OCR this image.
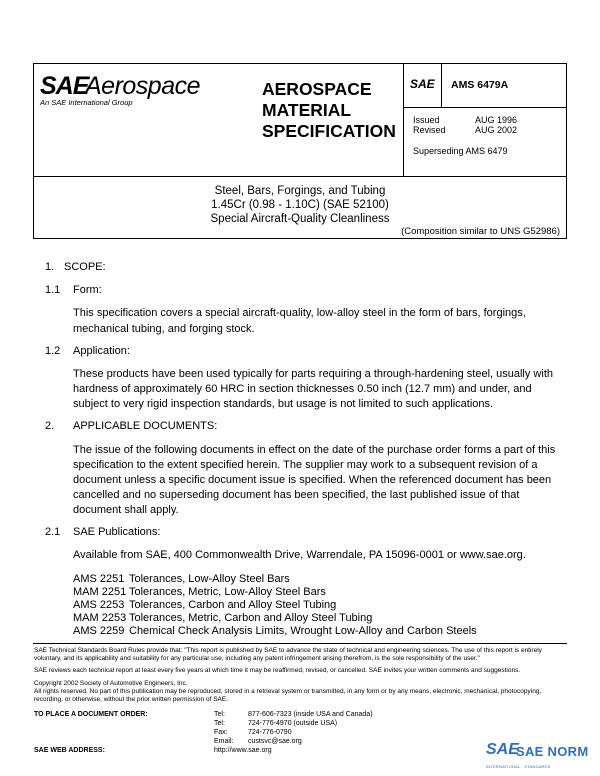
SAE
Aerospace
An SAE International Group
AEROSPACE
MATERIAL
SPECIFICATION
SAE AMS 6479A
Issued	AUG 1996
Revised	AUG 2002
Superseding AMS 6479
Steel, Bars, Forgings, and Tubing
1.45Cr (0.98 - 1.10C) (SAE 52100)
Special Aircraft-Quality Cleanliness
(Composition similar to UNS G52986)
1. SCOPE:
1.1 Form:
This specification covers a special aircraft-quality, low-alloy steel in the form of bars, forgings,
mechanical tubing, and forging stock.
1.2 Application:
These products have been used typically for parts requiring a through-hardening steel, usually with
hardness of approximately 60 HRC in section thicknesses 0.50 inch (12.7 mm) and under, and
subject to very rigid inspection standards, but usage is not limited to such applications.
2. APPLICABLE DOCUMENTS:
The issue of the following documents in effect on the date of the purchase order forms a part of this
specification to the extent specified herein. The supplier may work to a subsequent revision of a
document unless a specific document issue is specified. When the referenced document has been
cancelled and no superseding document has been specified, the last published issue of that
document shall apply.
2.1 SAE Publications:
Available from SAE, 400 Commonwealth Drive, Warrendale, PA 15096-0001 or www.sae.org.
AMS 2251 Tolerances, Low-Alloy Steel Bars
MAM 2251 Tolerances, Metric, Low-Alloy Steel Bars
AMS 2253 Tolerances, Carbon and Alloy Steel Tubing
MAM 2253 Tolerances, Metric, Carbon and Alloy Steel Tubing
AMS 2259 Chemical Check Analysis Limits, Wrought Low-Alloy and Carbon Steels
SAE Technical Standards Board Rules provide that: "This report is published by SAE to advance the state of technical and engineering sciences. The use of this report is entirely
voluntary, and its applicability and suitability for any particular use, including any patent infringement arising therefrom, is the sole responsibility of the user."
SAE reviews each technical report at least every five years at which time it may be reaffirmed, revised, or cancelled. SAE invites your written comments and suggestions.
Copyright 2002 Society of Automotive Engineers, Inc.
All rights reserved. No part of this publication may be reproduced, stored in a retrieval system or transmitted, in any form or by any means, electronic, mechanical, photocopying,
recording, or otherwise, without the prior written permission of SAE.
TO PLACE A DOCUMENT ORDER:	Tel:	877-606-7323 (inside USA and Canada)
Tel:	724-776-4970 (outside USA)
Fax:	724-776-0790
Email: custsvc@sae.org
SAE WEB ADDRESS:	http://www.sae.org	SAE
SAE NORM
INTERNATIONAL · STANDARDS
